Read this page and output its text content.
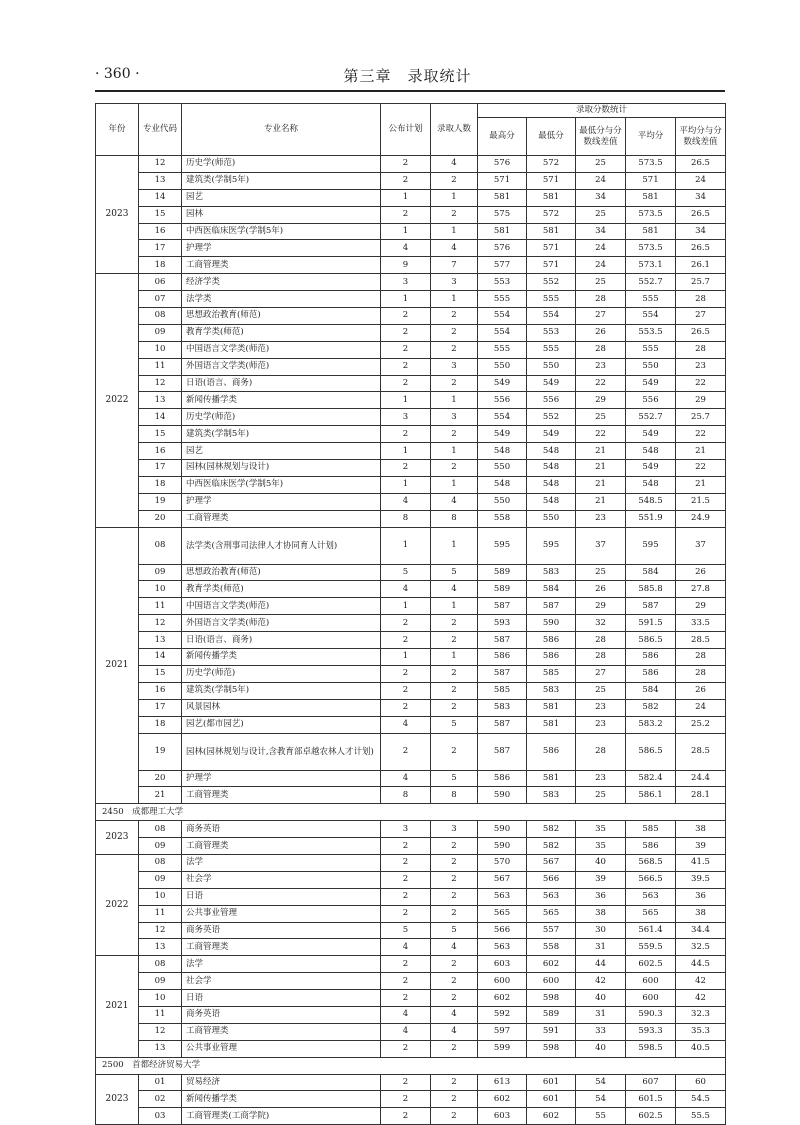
· 360 ·	第三章　录取统计
年份	专业代码	专业名称	公布计划	录取人数	录取分数统计				
					最高分	最低分	最低分与分数线差值	平均分	平均分与分数线差值
2023	12	历史学(师范)	2	4	576	572	25	573.5	26.5
	13	建筑类(学制5年)	2	2	571	571	24	571	24
	14	园艺	1	1	581	581	34	581	34
	15	园林	2	2	575	572	25	573.5	26.5
	16	中西医临床医学(学制5年)	1	1	581	581	34	581	34
	17	护理学	4	4	576	571	24	573.5	26.5
	18	工商管理类	9	7	577	571	24	573.1	26.1
2022	06	经济学类	3	3	553	552	25	552.7	25.7
	07	法学类	1	1	555	555	28	555	28
	08	思想政治教育(师范)	2	2	554	554	27	554	27
	09	教育学类(师范)	2	2	554	553	26	553.5	26.5
	10	中国语言文学类(师范)	2	2	555	555	28	555	28
	11	外国语言文学类(师范)	2	3	550	550	23	550	23
	12	日语(语言、商务)	2	2	549	549	22	549	22
	13	新闻传播学类	1	1	556	556	29	556	29
	14	历史学(师范)	3	3	554	552	25	552.7	25.7
	15	建筑类(学制5年)	2	2	549	549	22	549	22
	16	园艺	1	1	548	548	21	548	21
	17	园林(园林规划与设计)	2	2	550	548	21	549	22
	18	中西医临床医学(学制5年)	1	1	548	548	21	548	21
	19	护理学	4	4	550	548	21	548.5	21.5
	20	工商管理类	8	8	558	550	23	551.9	24.9
2021	08	法学类(含刑事司法律人才协同育人计划)	1	1	595	595	37	595	37
	09	思想政治教育(师范)	5	5	589	583	25	584	26
	10	教育学类(师范)	4	4	589	584	26	585.8	27.8
	11	中国语言文学类(师范)	1	1	587	587	29	587	29
	12	外国语言文学类(师范)	2	2	593	590	32	591.5	33.5
	13	日语(语言、商务)	2	2	587	586	28	586.5	28.5
	14	新闻传播学类	1	1	586	586	28	586	28
	15	历史学(师范)	2	2	587	585	27	586	28
	16	建筑类(学制5年)	2	2	585	583	25	584	26
	17	风景园林	2	2	583	581	23	582	24
	18	园艺(都市园艺)	4	5	587	581	23	583.2	25.2
	19	园林(园林规划与设计,含教育部卓越农林人才计划)	2	2	587	586	28	586.5	28.5
	20	护理学	4	5	586	581	23	582.4	24.4
	21	工商管理类	8	8	590	583	25	586.1	28.1
2450　成都理工大学									
2023	08	商务英语	3	3	590	582	35	585	38
	09	工商管理类	2	2	590	582	35	586	39
2022	08	法学	2	2	570	567	40	568.5	41.5
	09	社会学	2	2	567	566	39	566.5	39.5
	10	日语	2	2	563	563	36	563	36
	11	公共事业管理	2	2	565	565	38	565	38
	12	商务英语	5	5	566	557	30	561.4	34.4
	13	工商管理类	4	4	563	558	31	559.5	32.5
2021	08	法学	2	2	603	602	44	602.5	44.5
	09	社会学	2	2	600	600	42	600	42
	10	日语	2	2	602	598	40	600	42
	11	商务英语	4	4	592	589	31	590.3	32.3
	12	工商管理类	4	4	597	591	33	593.3	35.3
	13	公共事业管理	2	2	599	598	40	598.5	40.5
2500　首都经济贸易大学									
2023	01	贸易经济	2	2	613	601	54	607	60
	02	新闻传播学类	2	2	602	601	54	601.5	54.5
	03	工商管理类(工商学院)	2	2	603	602	55	602.5	55.5
